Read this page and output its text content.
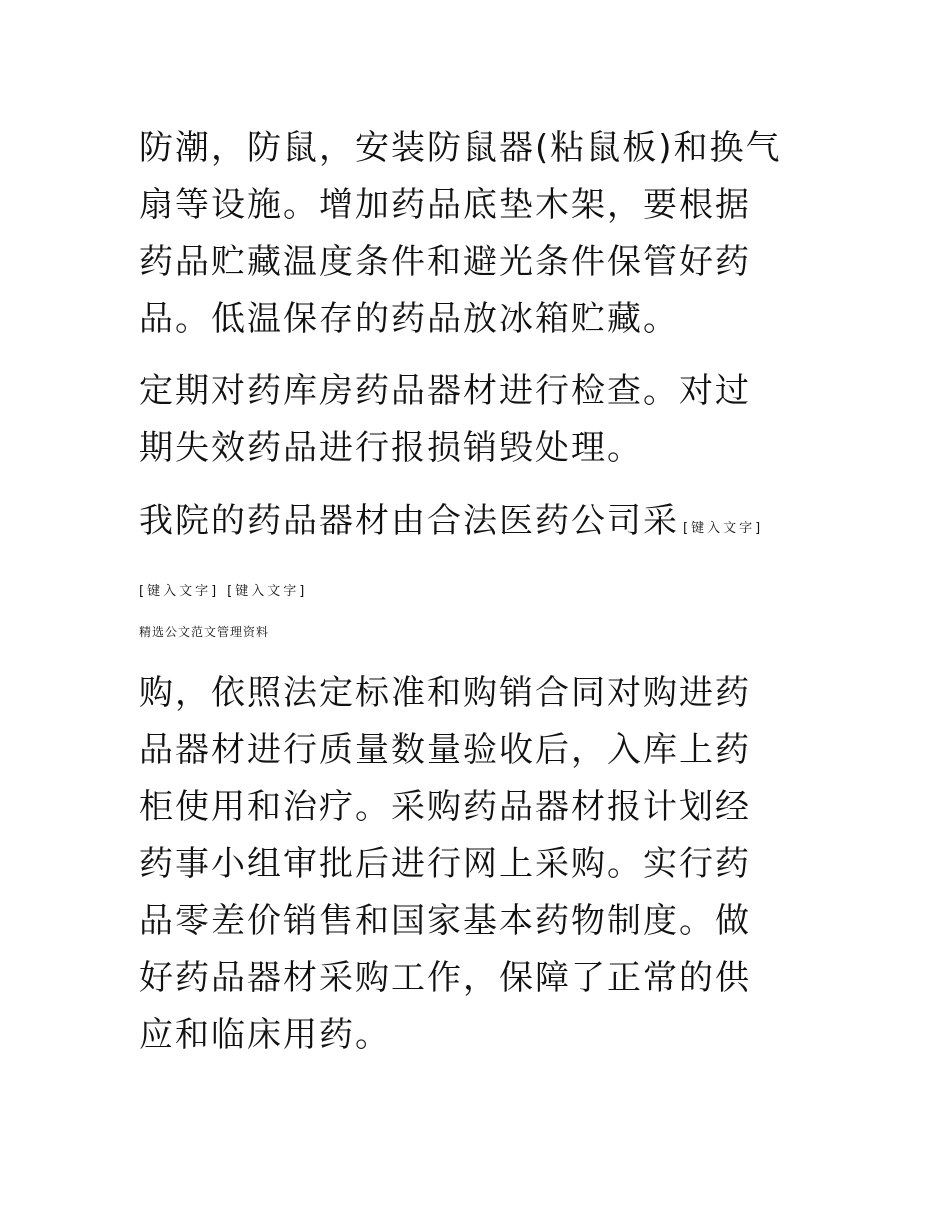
防潮，防鼠，安装防鼠器(粘鼠板)和换气
扇等设施。增加药品底垫木架，要根据
药品贮藏温度条件和避光条件保管好药
品。低温保存的药品放冰箱贮藏。
定期对药库房药品器材进行检查。对过
期失效药品进行报损销毁处理。
我院的药品器材由合法医药公司采 [键入文字]
[键入文字] [键入文字]
精选公文范文管理资料
购，依照法定标准和购销合同对购进药
品器材进行质量数量验收后，入库上药
柜使用和治疗。采购药品器材报计划经
药事小组审批后进行网上采购。实行药
品零差价销售和国家基本药物制度。做
好药品器材采购工作，保障了正常的供
应和临床用药。
